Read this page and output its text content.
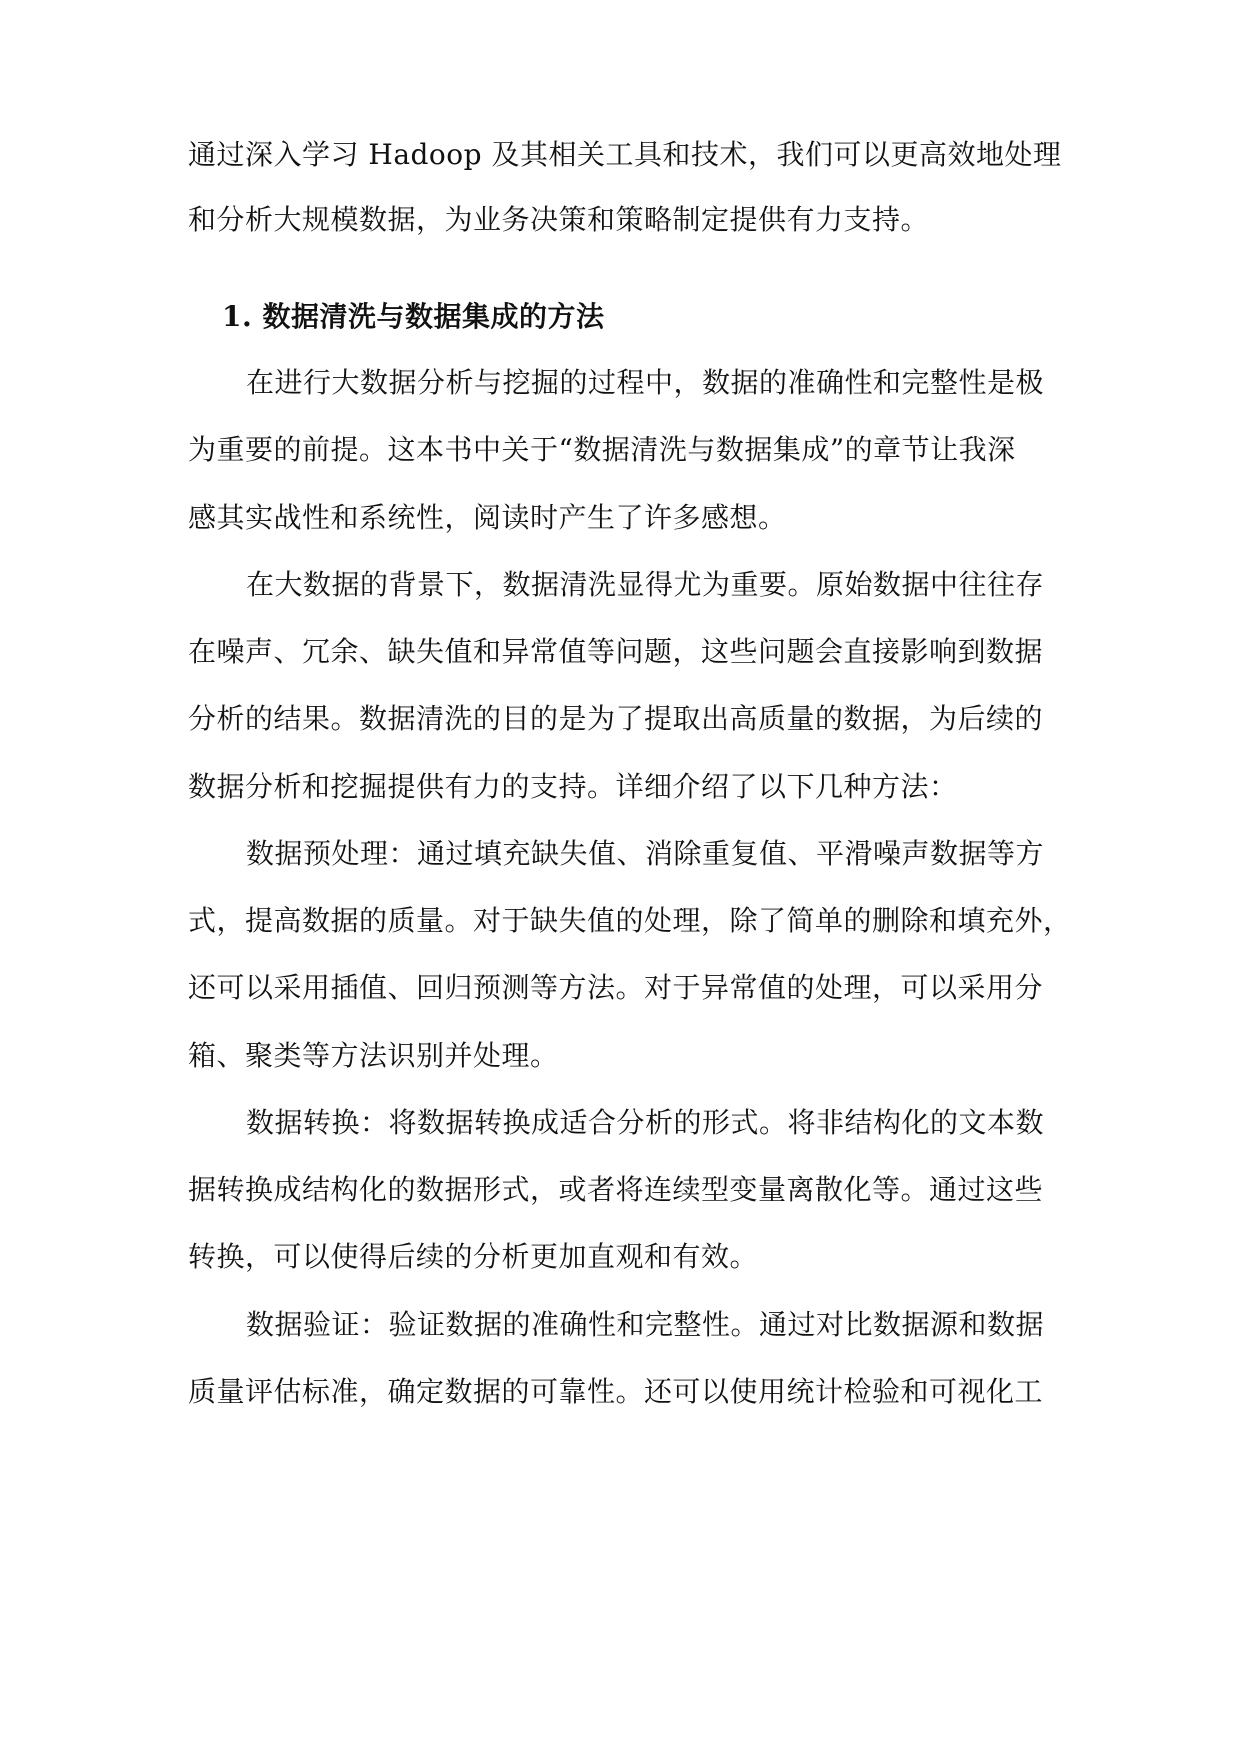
通过深入学习 Hadoop 及其相关工具和技术，我们可以更高效地处理
和分析大规模数据，为业务决策和策略制定提供有力支持。
1. 数据清洗与数据集成的方法
在进行大数据分析与挖掘的过程中，数据的准确性和完整性是极
为重要的前提。这本书中关于“数据清洗与数据集成”的章节让我深
感其实战性和系统性，阅读时产生了许多感想。
在大数据的背景下，数据清洗显得尤为重要。原始数据中往往存
在噪声、冗余、缺失值和异常值等问题，这些问题会直接影响到数据
分析的结果。数据清洗的目的是为了提取出高质量的数据，为后续的
数据分析和挖掘提供有力的支持。详细介绍了以下几种方法：
数据预处理：通过填充缺失值、消除重复值、平滑噪声数据等方
式，提高数据的质量。对于缺失值的处理，除了简单的删除和填充外，
还可以采用插值、回归预测等方法。对于异常值的处理，可以采用分
箱、聚类等方法识别并处理。
数据转换：将数据转换成适合分析的形式。将非结构化的文本数
据转换成结构化的数据形式，或者将连续型变量离散化等。通过这些
转换，可以使得后续的分析更加直观和有效。
数据验证：验证数据的准确性和完整性。通过对比数据源和数据
质量评估标准，确定数据的可靠性。还可以使用统计检验和可视化工
